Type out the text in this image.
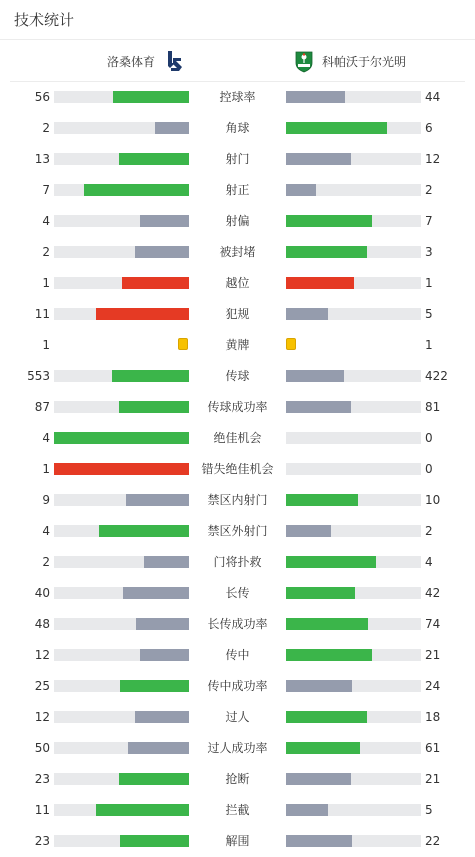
技术统计
洛桑体育	科帕沃于尔光明
56	控球率	44
2	角球	6
13	射门	12
7	射正	2
4	射偏	7
2	被封堵	3
1	越位	1
11	犯规	5
1	黄牌	1
553	传球	422
87	传球成功率	81
4	绝佳机会	0
1	错失绝佳机会	0
9	禁区内射门	10
4	禁区外射门	2
2	门将扑救	4
40	长传	42
48	长传成功率	74
12	传中	21
25	传中成功率	24
12	过人	18
50	过人成功率	61
23	抢断	21
11	拦截	5
23	解围	22
